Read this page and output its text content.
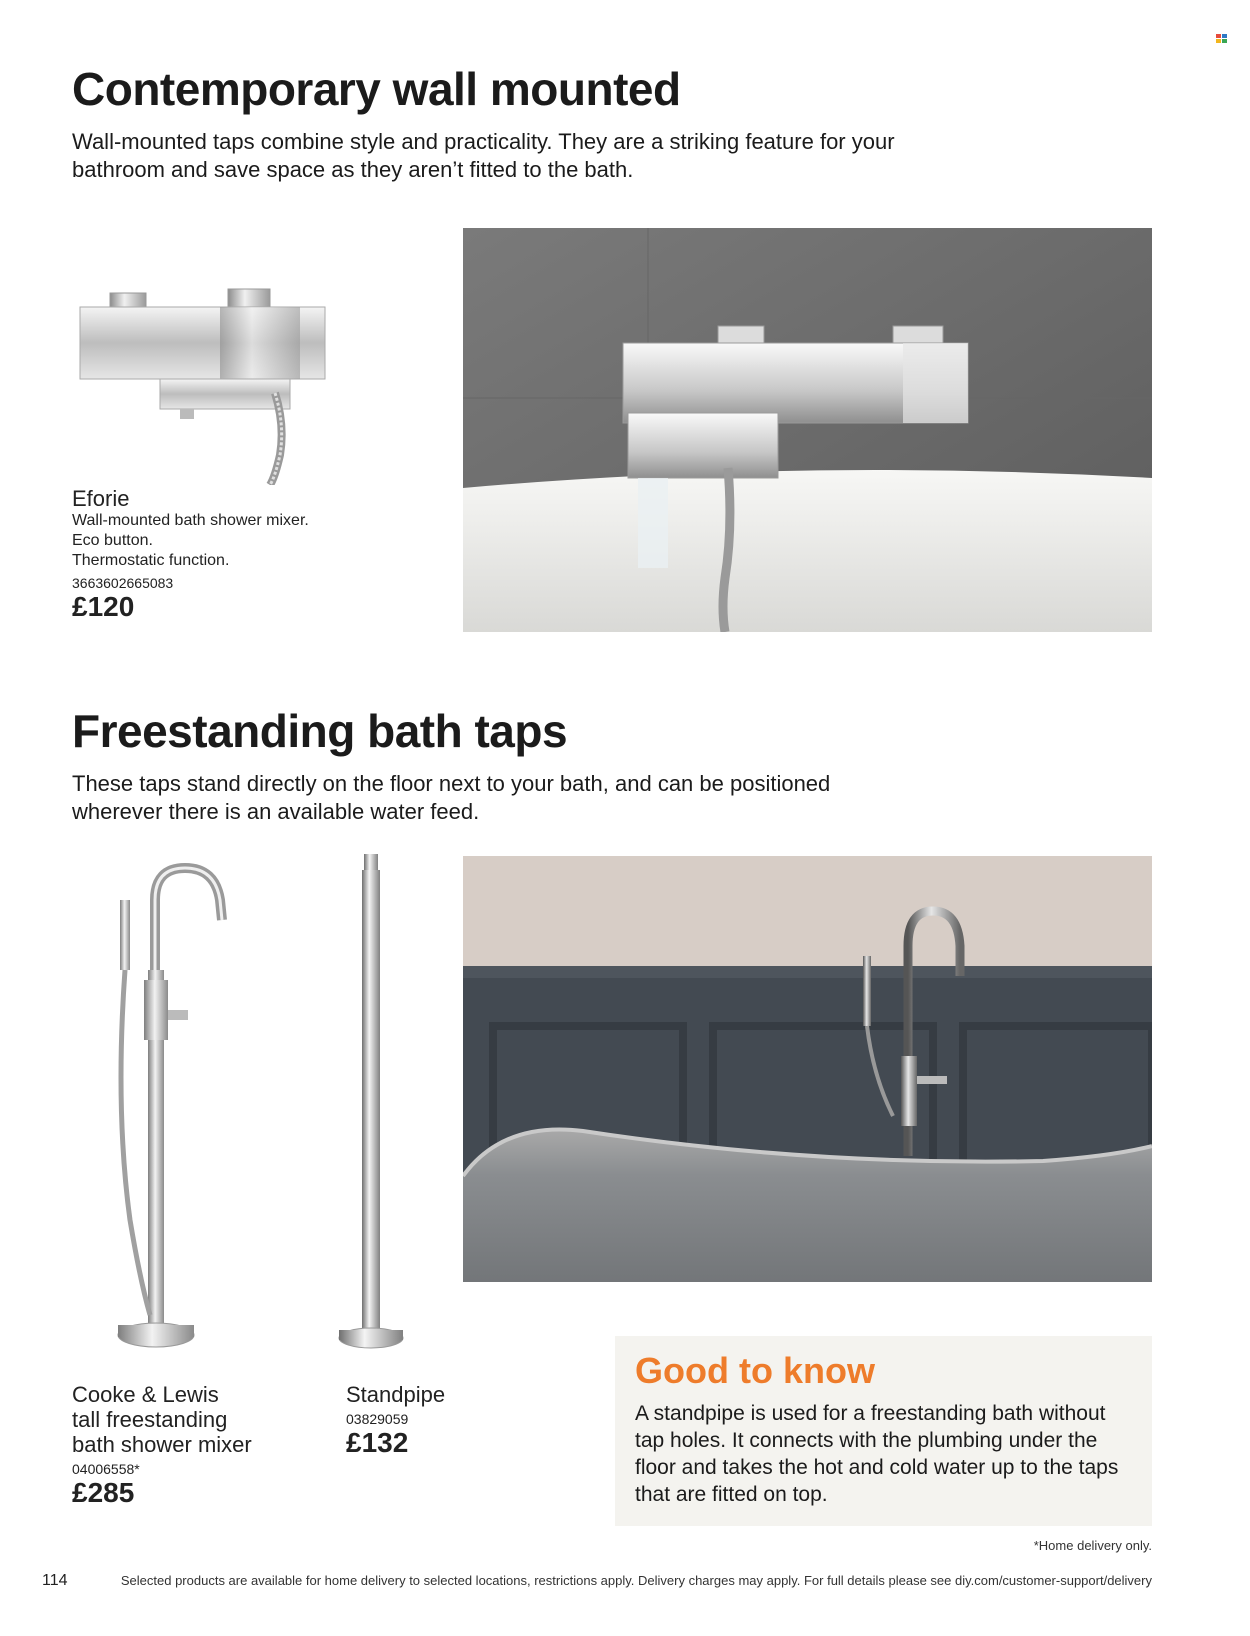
Contemporary wall mounted
Wall-mounted taps combine style and practicality. They are a striking feature for your bathroom and save space as they aren’t fitted to the bath.
Eforie
Wall-mounted bath shower mixer.
Eco button.
Thermostatic function.
3663602665083
£120
Freestanding bath taps
These taps stand directly on the floor next to your bath, and can be positioned wherever there is an available water feed.
Cooke & Lewis
tall freestanding
bath shower mixer
04006558*
£285
Standpipe
03829059
£132
Good to know
A standpipe is used for a freestanding bath without tap holes. It connects with the plumbing under the floor and takes the hot and cold water up to the taps that are fitted on top.
*Home delivery only.
114	Selected products are available for home delivery to selected locations, restrictions apply. Delivery charges may apply. For full details please see diy.com/customer-support/delivery
